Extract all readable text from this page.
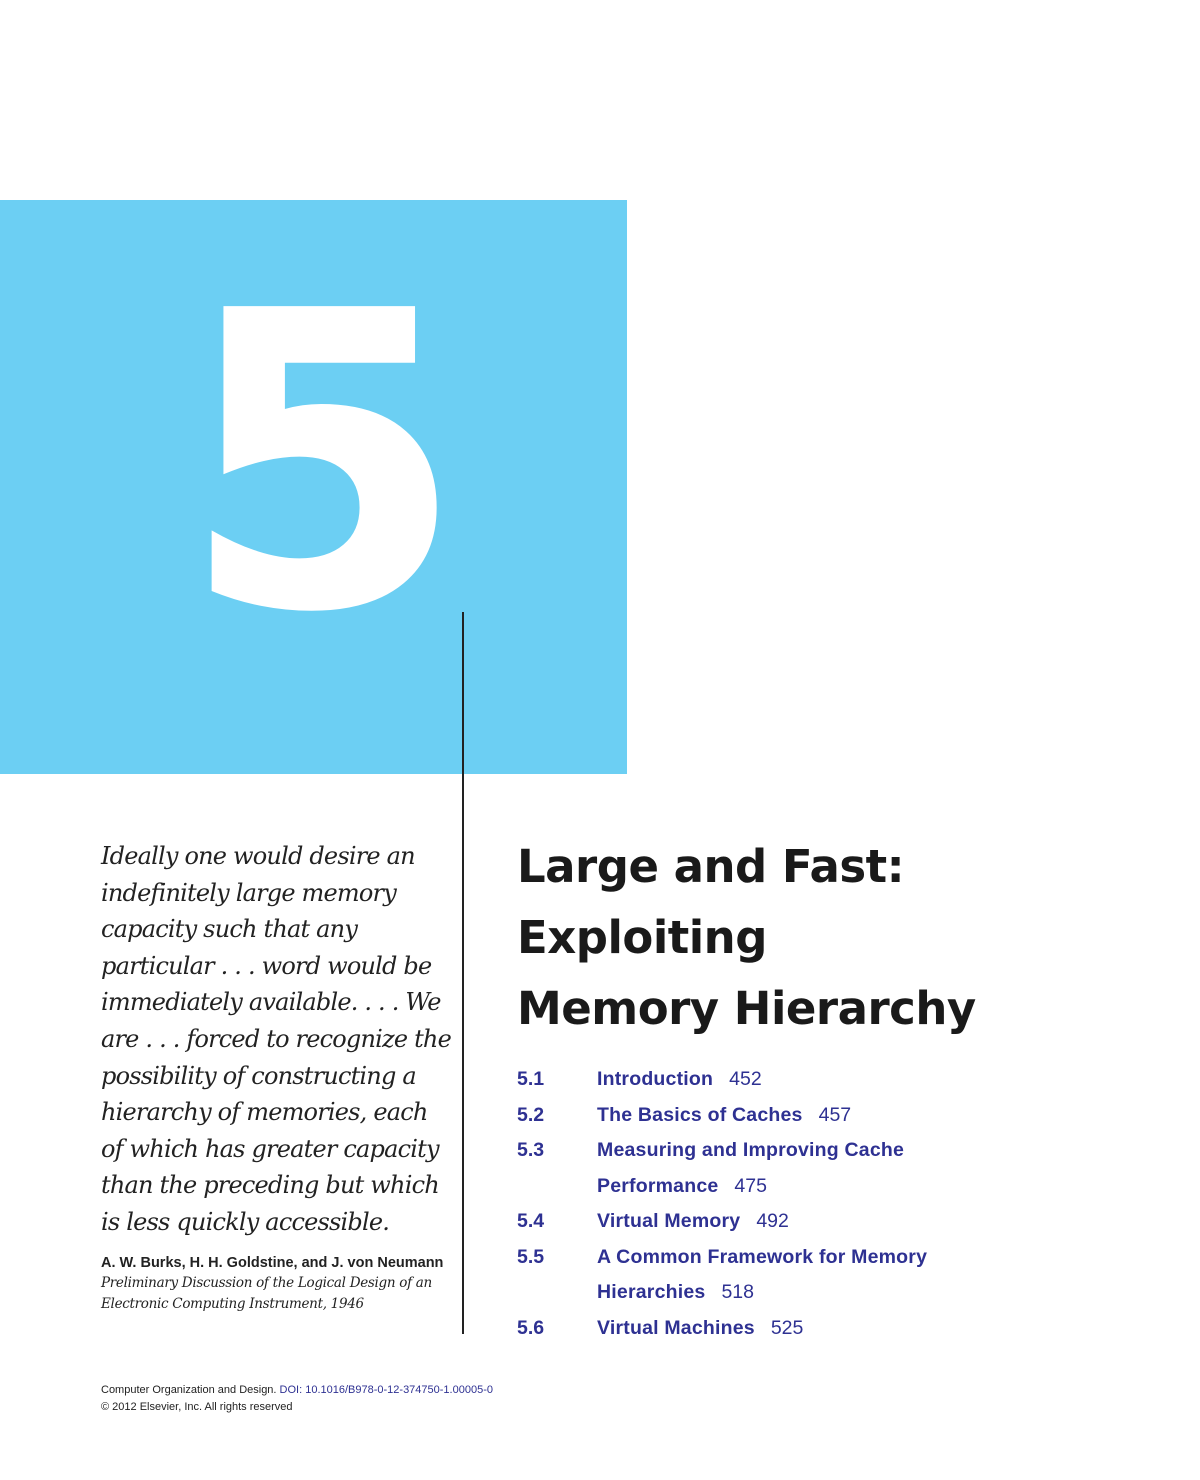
5

Ideally one would desire an
indefinitely large memory
capacity such that any
particular . . . word would be
immediately available. . . . We
are . . . forced to recognize the
possibility of constructing a
hierarchy of memories, each
of which has greater capacity
than the preceding but which
is less quickly accessible.

A. W. Burks, H. H. Goldstine, and J. von Neumann
Preliminary Discussion of the Logical Design of an
Electronic Computing Instrument, 1946
Large and Fast:
Exploiting
Memory Hierarchy
5.1	Introduction 452
5.2	The Basics of Caches 457
5.3	Measuring and Improving Cache Performance 475
5.4	Virtual Memory 492
5.5	A Common Framework for Memory Hierarchies 518
5.6	Virtual Machines 525
Computer Organization and Design. DOI: 10.1016/B978-0-12-374750-1.00005-0
© 2012 Elsevier, Inc. All rights reserved
